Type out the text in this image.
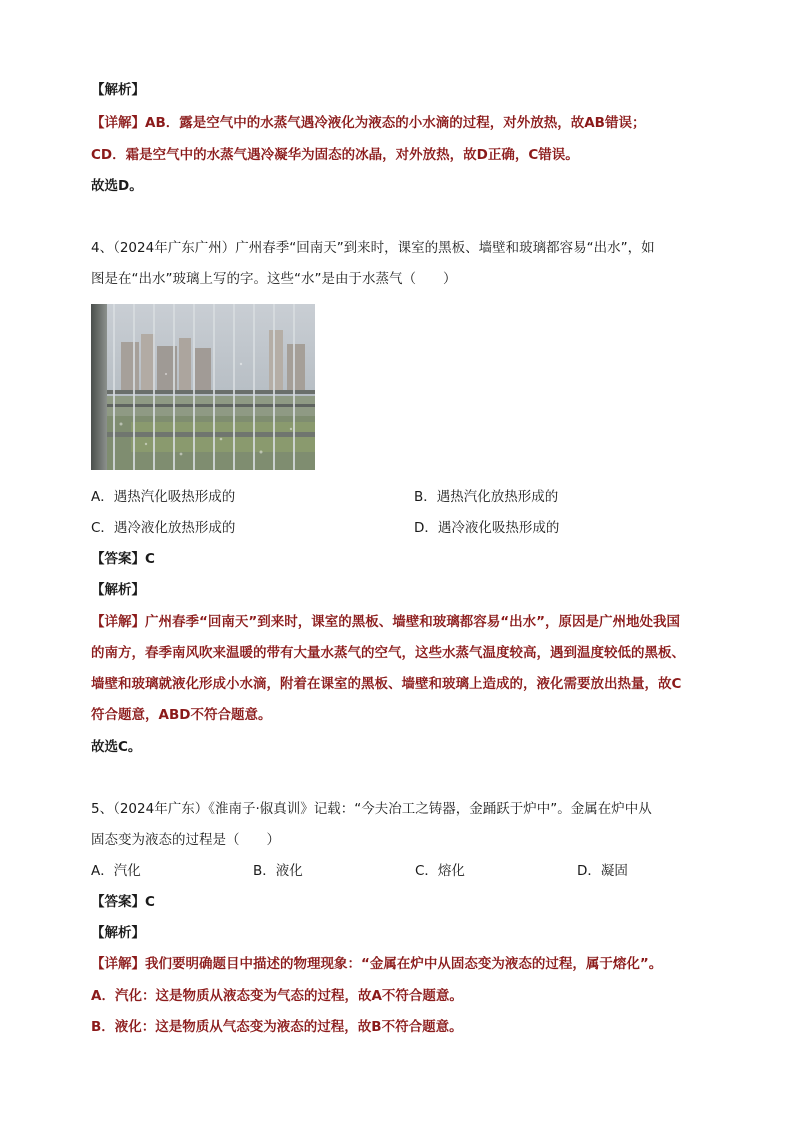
【解析】
【详解】AB．露是空气中的水蒸气遇冷液化为液态的小水滴的过程，对外放热，故AB错误；
CD．霜是空气中的水蒸气遇冷凝华为固态的冰晶，对外放热，故D正确，C错误。
故选D。
4、（2024年广东广州）广州春季“回南天”到来时，课室的黑板、墙壁和玻璃都容易“出水”，如
图是在“出水”玻璃上写的字。这些“水”是由于水蒸气（　　）
A．遇热汽化吸热形成的	B．遇热汽化放热形成的
C．遇冷液化放热形成的	D．遇冷液化吸热形成的
【答案】C
【解析】
【详解】广州春季“回南天”到来时，课室的黑板、墙壁和玻璃都容易“出水”，原因是广州地处我国
的南方，春季南风吹来温暖的带有大量水蒸气的空气，这些水蒸气温度较高，遇到温度较低的黑板、
墙壁和玻璃就液化形成小水滴，附着在课室的黑板、墙壁和玻璃上造成的，液化需要放出热量，故C
符合题意，ABD不符合题意。
故选C。
5、（2024年广东）《淮南子·俶真训》记载：“今夫冶工之铸器，金踊跃于炉中”。金属在炉中从
固态变为液态的过程是（　　）
A．汽化	B．液化	C．熔化	D．凝固
【答案】C
【解析】
【详解】我们要明确题目中描述的物理现象：“金属在炉中从固态变为液态的过程，属于熔化”。
A．汽化：这是物质从液态变为气态的过程，故A不符合题意。
B．液化：这是物质从气态变为液态的过程，故B不符合题意。
